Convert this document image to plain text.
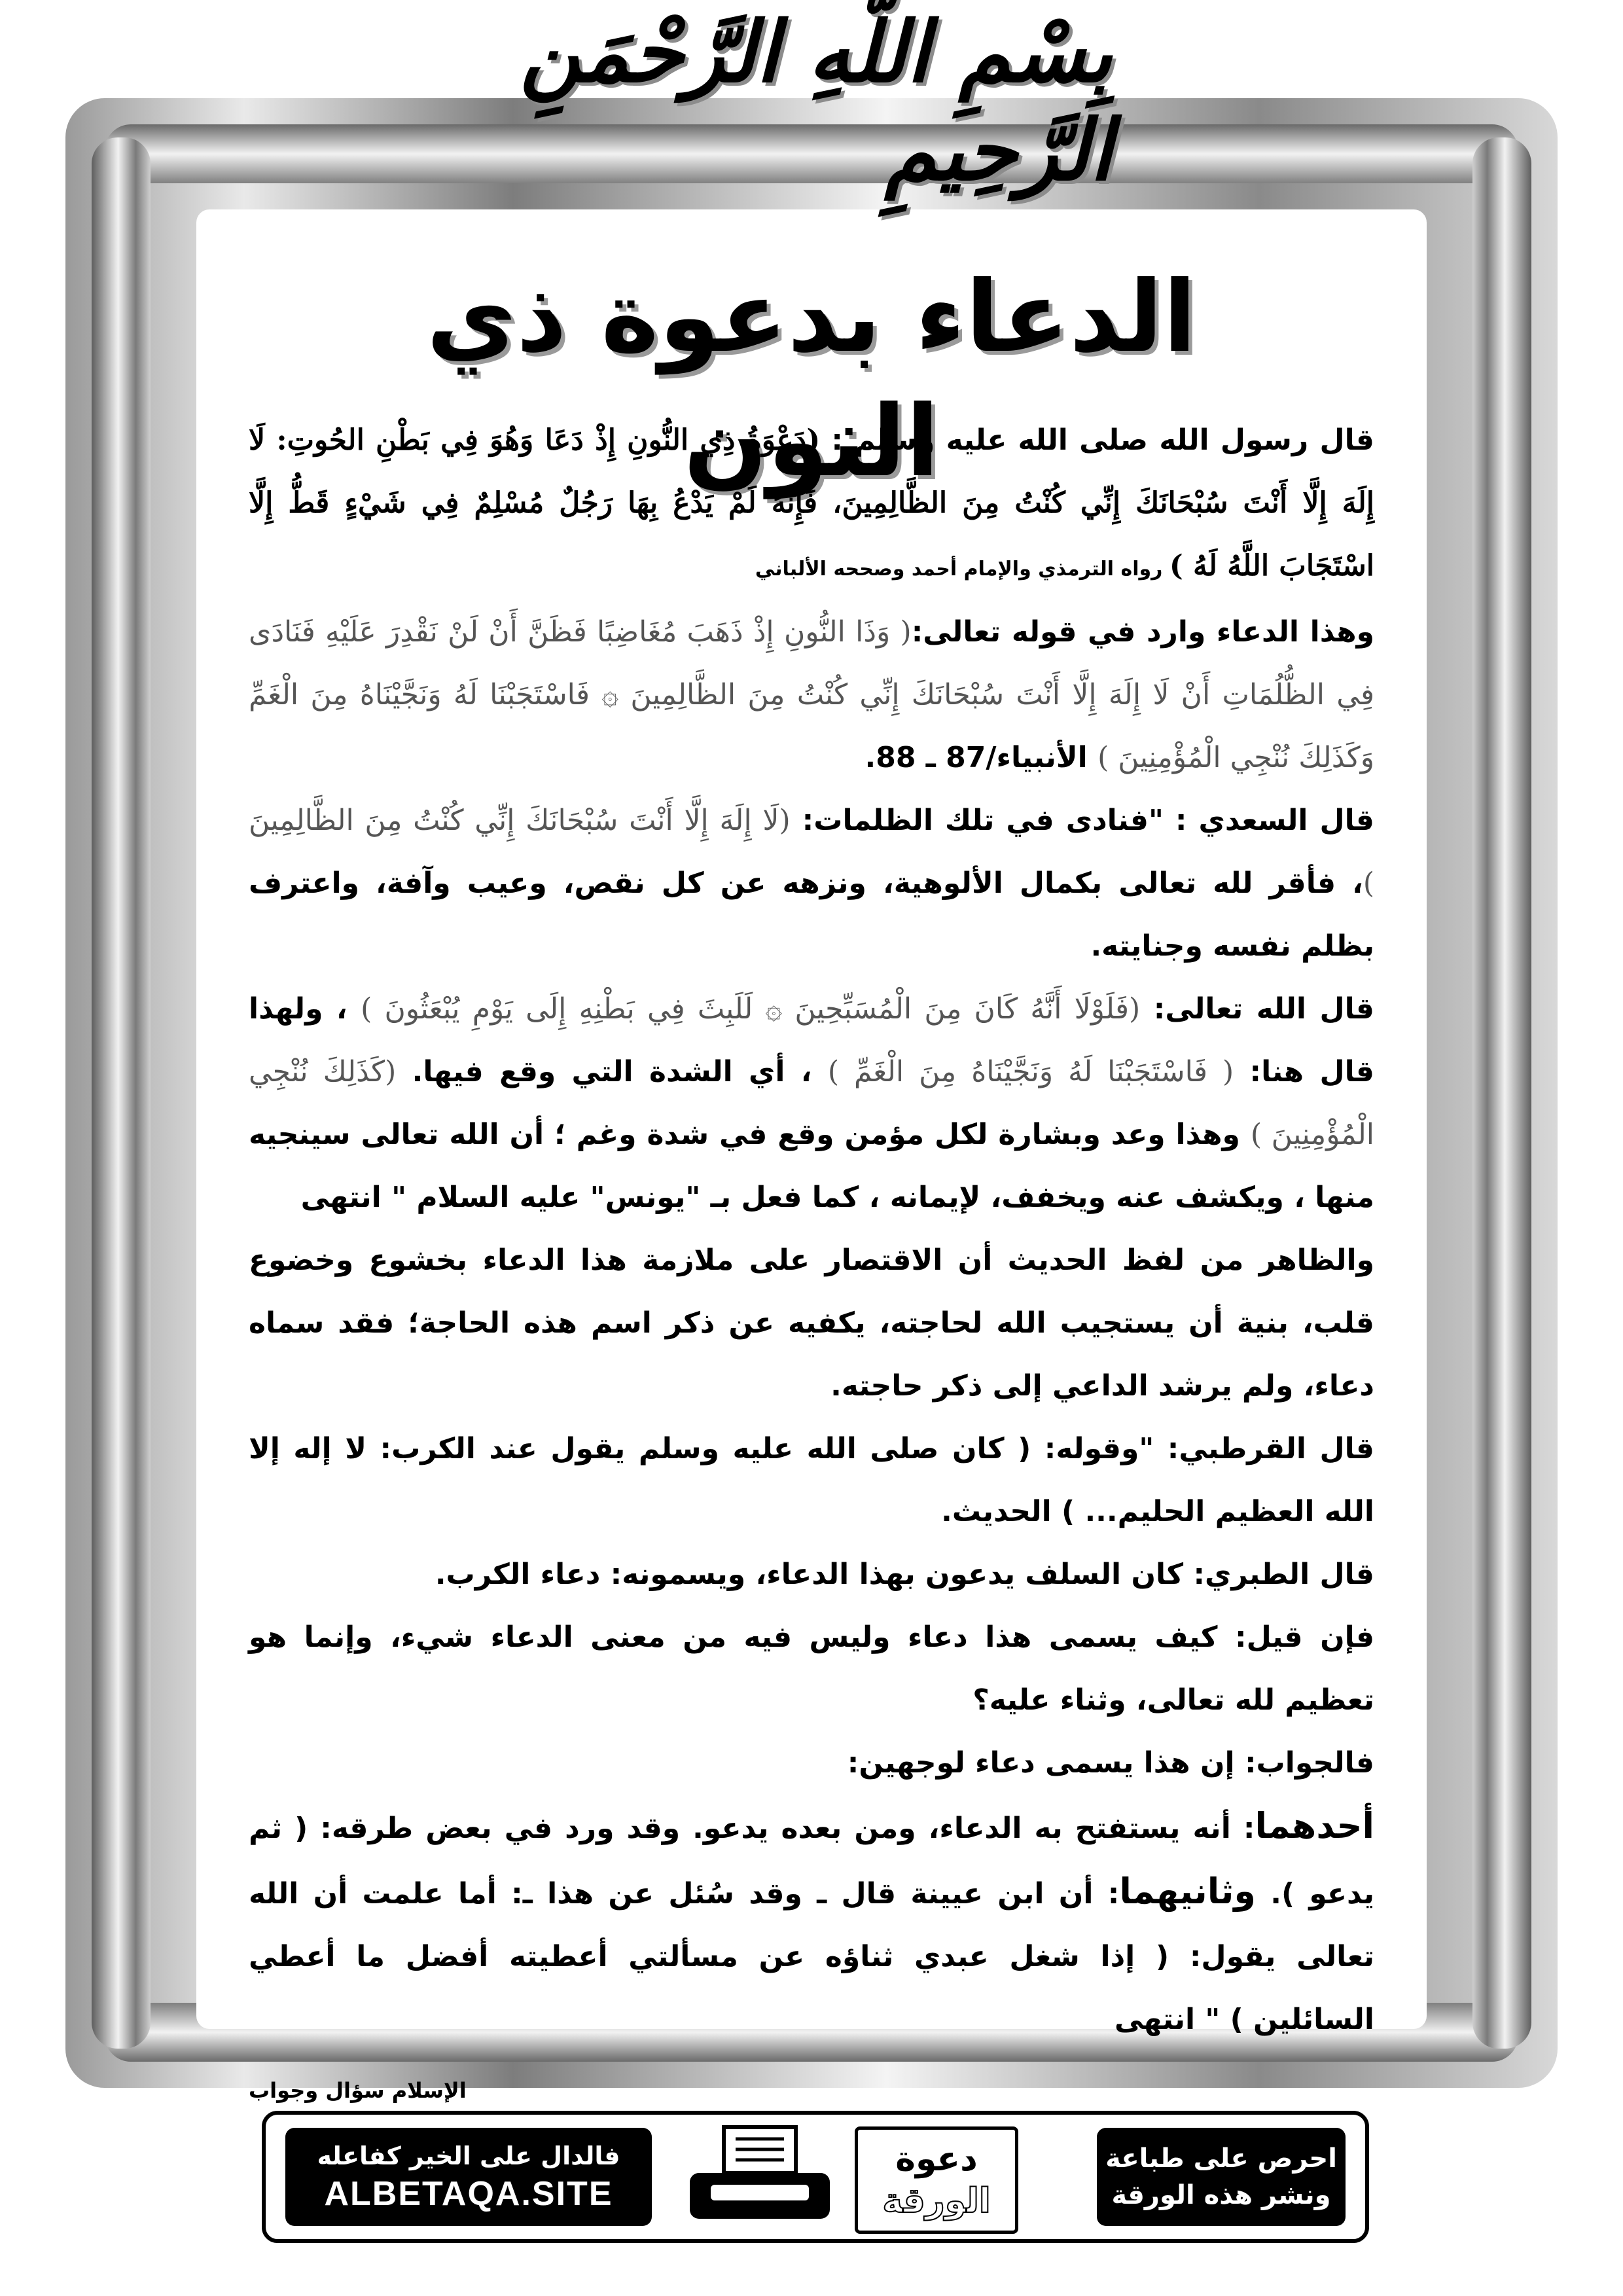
بِسْمِ اللَّهِ الرَّحْمَنِ الرَّحِيمِ
الدعاء بدعوة ذي النون

قال رسول الله صلى الله عليه وسلم : (دَعْوَةُ ذِي النُّونِ إِذْ دَعَا وَهُوَ فِي بَطْنِ الحُوتِ: لَا إِلَهَ إِلَّا أَنْتَ سُبْحَانَكَ إِنِّي كُنْتُ مِنَ الظَّالِمِينَ، فَإِنَّهُ لَمْ يَدْعُ بِهَا رَجُلٌ مُسْلِمٌ فِي شَيْءٍ قَطُّ إِلَّا اسْتَجَابَ اللَّهُ لَهُ ) رواه الترمذي والإمام أحمد وصححه الألباني

وهذا الدعاء وارد في قوله تعالى:( وَذَا النُّونِ إِذْ ذَهَبَ مُغَاضِبًا فَظَنَّ أَنْ لَنْ نَقْدِرَ عَلَيْهِ فَنَادَى فِي الظُّلُمَاتِ أَنْ لَا إِلَهَ إِلَّا أَنْتَ سُبْحَانَكَ إِنِّي كُنْتُ مِنَ الظَّالِمِينَ ۞ فَاسْتَجَبْنَا لَهُ وَنَجَّيْنَاهُ مِنَ الْغَمِّ وَكَذَلِكَ نُنْجِي الْمُؤْمِنِينَ ) الأنبياء/87 ـ 88.

قال السعدي : "فنادى في تلك الظلمات: (لَا إِلَهَ إِلَّا أَنْتَ سُبْحَانَكَ إِنِّي كُنْتُ مِنَ الظَّالِمِينَ )، فأقر لله تعالى بكمال الألوهية، ونزهه عن كل نقص، وعيب وآفة، واعترف بظلم نفسه وجنايته.

قال الله تعالى: (فَلَوْلَا أَنَّهُ كَانَ مِنَ الْمُسَبِّحِينَ ۞ لَلَبِثَ فِي بَطْنِهِ إِلَى يَوْمِ يُبْعَثُونَ ) ، ولهذا قال هنا: ( فَاسْتَجَبْنَا لَهُ وَنَجَّيْنَاهُ مِنَ الْغَمِّ ) ، أي الشدة التي وقع فيها. (كَذَلِكَ نُنْجِي الْمُؤْمِنِينَ ) وهذا وعد وبشارة لكل مؤمن وقع في شدة وغم ؛ أن الله تعالى سينجيه منها ، ويكشف عنه ويخفف، لإيمانه ، كما فعل بـ "يونس" عليه السلام " انتهى

والظاهر من لفظ الحديث أن الاقتصار على ملازمة هذا الدعاء بخشوع وخضوع قلب، بنية أن يستجيب الله لحاجته، يكفيه عن ذكر اسم هذه الحاجة؛ فقد سماه دعاء، ولم يرشد الداعي إلى ذكر حاجته.

قال القرطبي: "وقوله: ( كان صلى الله عليه وسلم يقول عند الكرب: لا إله إلا الله العظيم الحليم... ) الحديث.

قال الطبري: كان السلف يدعون بهذا الدعاء، ويسمونه: دعاء الكرب.

فإن قيل: كيف يسمى هذا دعاء وليس فيه من معنى الدعاء شيء، وإنما هو تعظيم لله تعالى، وثناء عليه؟

فالجواب: إن هذا يسمى دعاء لوجهين:

أحدهما: أنه يستفتح به الدعاء، ومن بعده يدعو. وقد ورد في بعض طرقه: ( ثم يدعو ). وثانيهما: أن ابن عيينة قال ـ وقد سُئل عن هذا ـ: أما علمت أن الله تعالى يقول: ( إذا شغل عبدي ثناؤه عن مسألتي أعطيته أفضل ما أعطي السائلين ) " انتهى

الإسلام سؤال وجواب
فالدال على الخير كفاعله
ALBETAQA.SITE
دعوة
الورقة
احرص على طباعة
ونشر هذه الورقة
